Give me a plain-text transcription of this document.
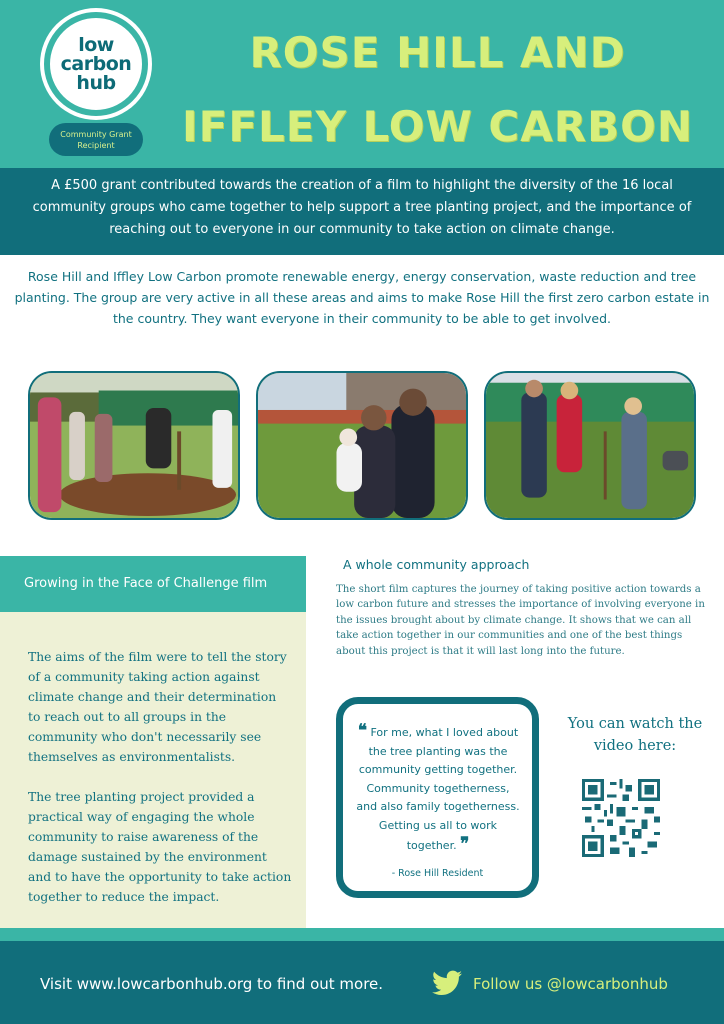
low
carbon
hub
Community Grant Recipient
ROSE HILL AND
IFFLEY LOW CARBON
A £500 grant contributed towards the creation of a film to highlight the diversity of the 16 local community groups who came together to help support a tree planting project, and the importance of reaching out to everyone in our community to take action on climate change.
Rose Hill and Iffley Low Carbon promote renewable energy, energy conservation, waste reduction and tree planting. The group are very active in all these areas and aims to make Rose Hill the first zero carbon estate in the country. They want everyone in their community to be able to get involved.
Growing in the Face of Challenge film

The aims of the film were to tell the story of a community taking action against climate change and their determination to reach out to all groups in the community who don't necessarily see themselves as environmentalists.

The tree planting project provided a practical way of engaging the whole community to raise awareness of the damage sustained by the environment and to have the opportunity to take action together to reduce the impact.

A whole community approach
The short film captures the journey of taking positive action towards a low carbon future and stresses the importance of involving everyone in the issues brought about by climate change. It shows that we can all take action together in our communities and one of the best things about this project is that it will last long into the future.
❝ For me, what I loved about the tree planting was the community getting together. Community togetherness, and also family togetherness. Getting us all to work together. ❞
- Rose Hill Resident
You can watch the video here:
Visit www.lowcarbonhub.org to find out more.	Follow us @lowcarbonhub
